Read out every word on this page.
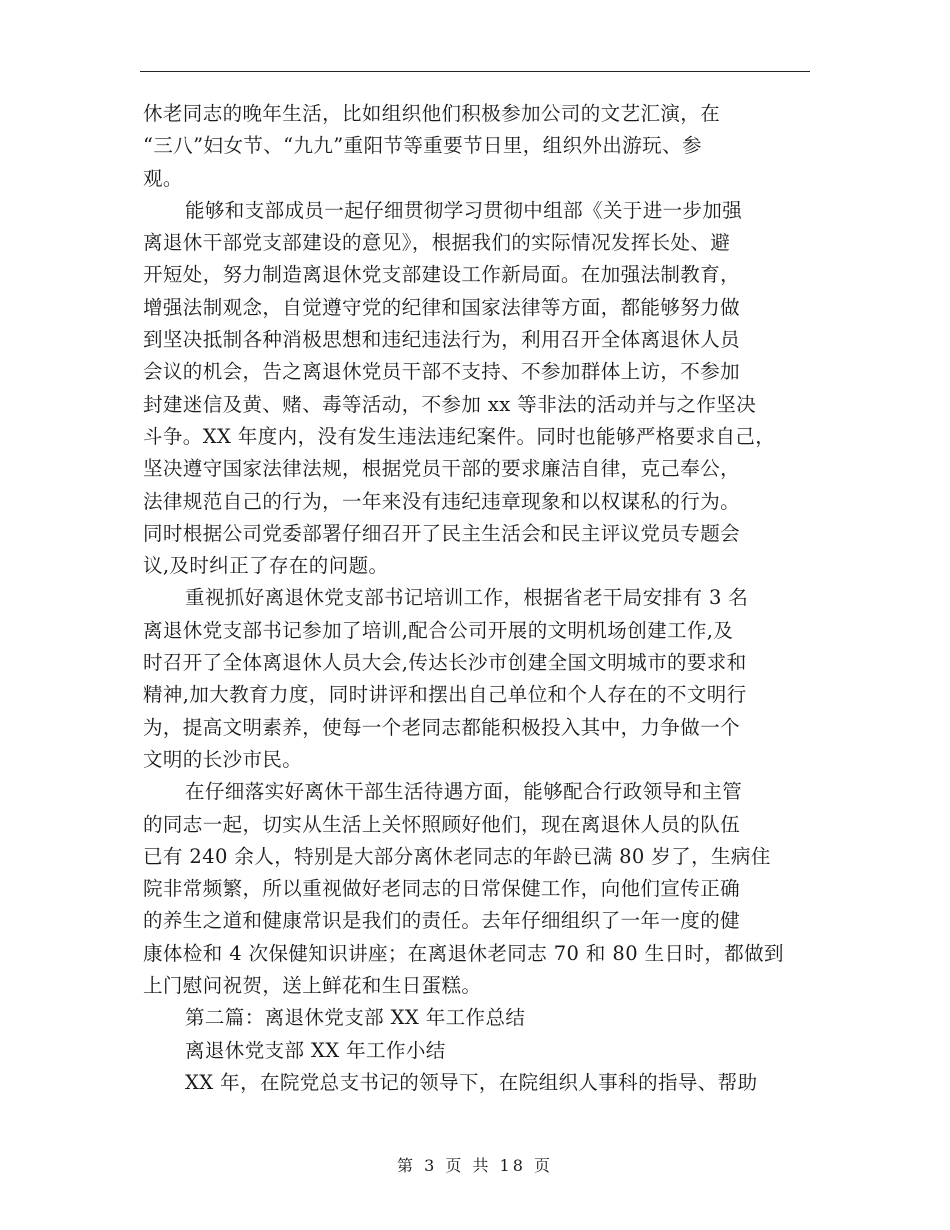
休老同志的晚年生活，比如组织他们积极参加公司的文艺汇演，在
“三八”妇女节、“九九”重阳节等重要节日里，组织外出游玩、参
观。
能够和支部成员一起仔细贯彻学习贯彻中组部《关于进一步加强
离退休干部党支部建设的意见》，根据我们的实际情况发挥长处、避
开短处，努力制造离退休党支部建设工作新局面。在加强法制教育，
增强法制观念，自觉遵守党的纪律和国家法律等方面，都能够努力做
到坚决抵制各种消极思想和违纪违法行为，利用召开全体离退休人员
会议的机会，告之离退休党员干部不支持、不参加群体上访，不参加
封建迷信及黄、赌、毒等活动，不参加 xx 等非法的活动并与之作坚决
斗争。XX 年度内，没有发生违法违纪案件。同时也能够严格要求自己，
坚决遵守国家法律法规，根据党员干部的要求廉洁自律，克己奉公，
法律规范自己的行为，一年来没有违纪违章现象和以权谋私的行为。
同时根据公司党委部署仔细召开了民主生活会和民主评议党员专题会
议,及时纠正了存在的问题。
重视抓好离退休党支部书记培训工作，根据省老干局安排有 3 名
离退休党支部书记参加了培训,配合公司开展的文明机场创建工作,及
时召开了全体离退休人员大会,传达长沙市创建全国文明城市的要求和
精神,加大教育力度，同时讲评和摆出自己单位和个人存在的不文明行
为，提高文明素养，使每一个老同志都能积极投入其中，力争做一个
文明的长沙市民。
在仔细落实好离休干部生活待遇方面，能够配合行政领导和主管
的同志一起，切实从生活上关怀照顾好他们，现在离退休人员的队伍
已有 240 余人，特别是大部分离休老同志的年龄已满 80 岁了，生病住
院非常频繁，所以重视做好老同志的日常保健工作，向他们宣传正确
的养生之道和健康常识是我们的责任。去年仔细组织了一年一度的健
康体检和 4 次保健知识讲座；在离退休老同志 70 和 80 生日时，都做到
上门慰问祝贺，送上鲜花和生日蛋糕。
第二篇：离退休党支部 XX 年工作总结
离退休党支部 XX 年工作小结
XX 年，在院党总支书记的领导下，在院组织人事科的指导、帮助
第 3 页 共 18 页
